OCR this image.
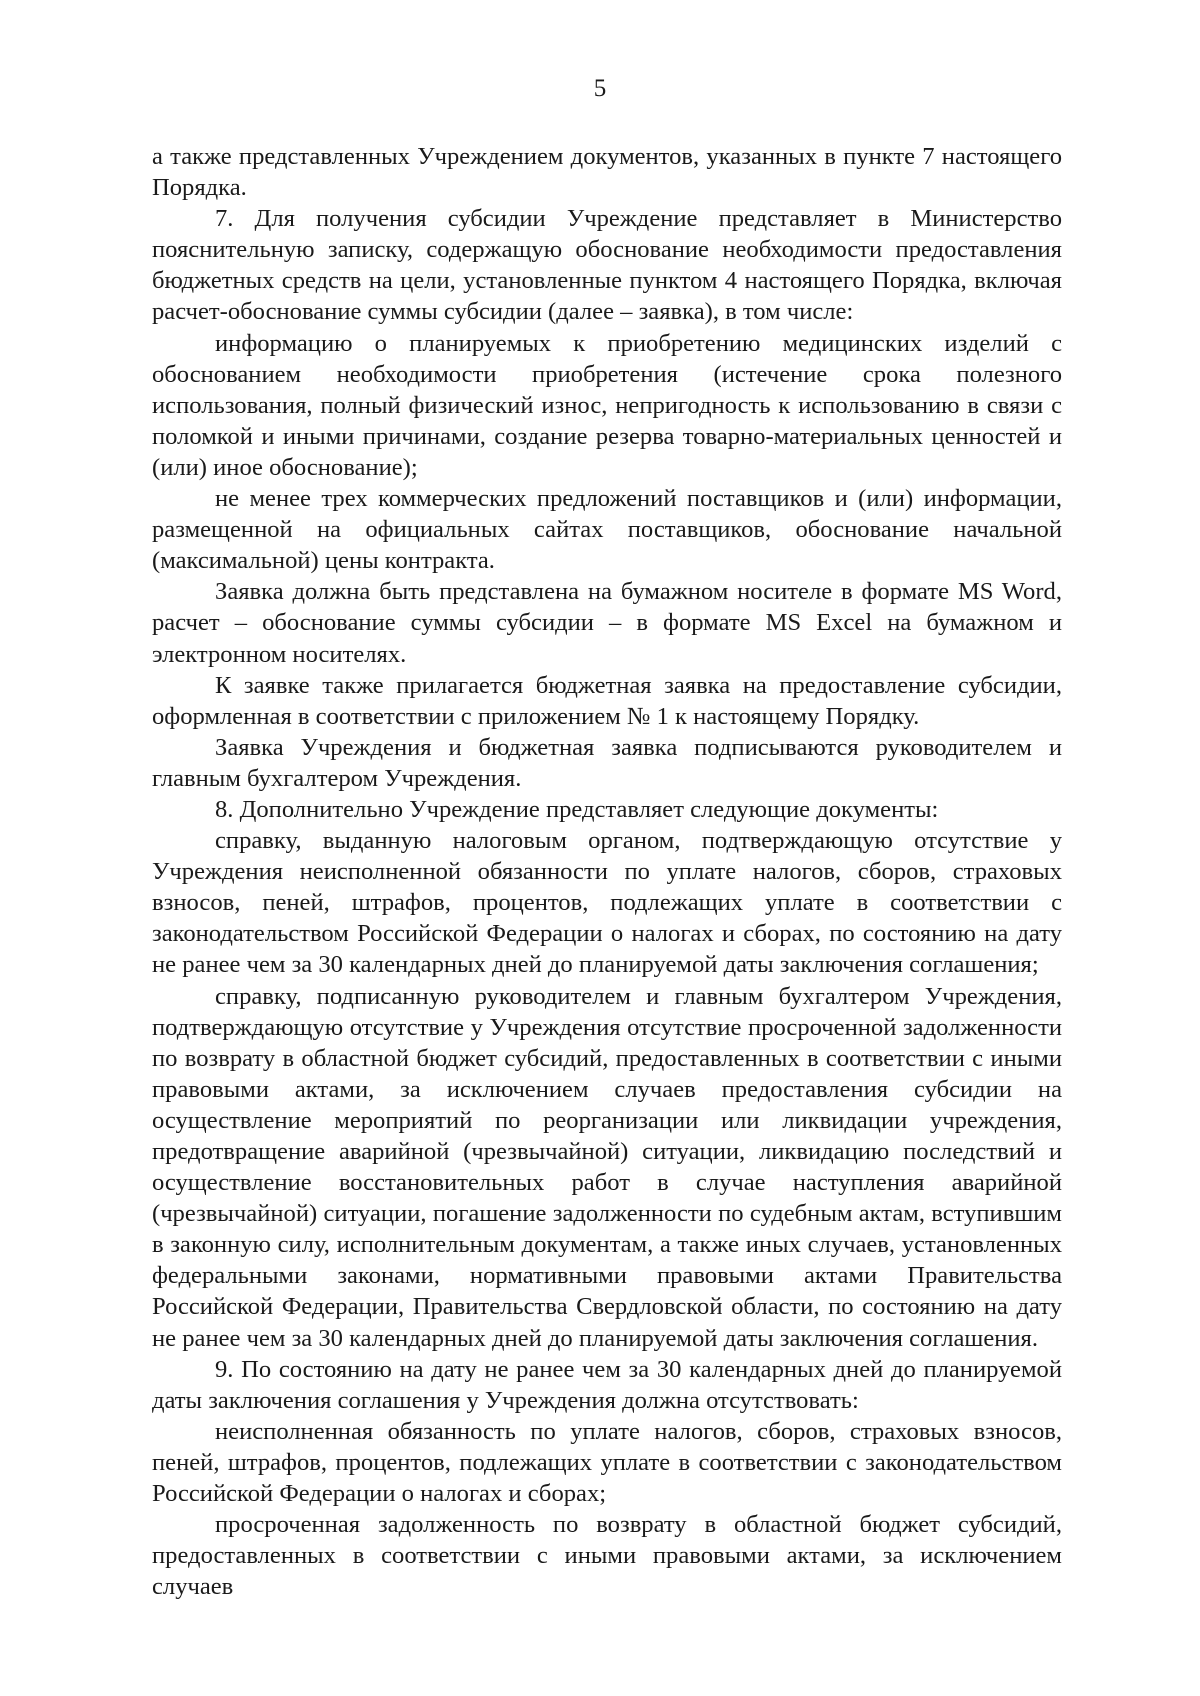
5

а также представленных Учреждением документов, указанных в пункте 7 настоящего Порядка.

7. Для получения субсидии Учреждение представляет в Министерство пояснительную записку, содержащую обоснование необходимости предоставления бюджетных средств на цели, установленные пунктом 4 настоящего Порядка, включая расчет-обоснование суммы субсидии (далее – заявка), в том числе:

информацию о планируемых к приобретению медицинских изделий с обоснованием необходимости приобретения (истечение срока полезного использования, полный физический износ, непригодность к использованию в связи с поломкой и иными причинами, создание резерва товарно-материальных ценностей и (или) иное обоснование);

не менее трех коммерческих предложений поставщиков и (или) информации, размещенной на официальных сайтах поставщиков, обоснование начальной (максимальной) цены контракта.

Заявка должна быть представлена на бумажном носителе в формате MS Word, расчет – обоснование суммы субсидии – в формате MS Excel на бумажном и электронном носителях.

К заявке также прилагается бюджетная заявка на предоставление субсидии, оформленная в соответствии с приложением № 1 к настоящему Порядку.

Заявка Учреждения и бюджетная заявка подписываются руководителем и главным бухгалтером Учреждения.

8. Дополнительно Учреждение представляет следующие документы:

справку, выданную налоговым органом, подтверждающую отсутствие у Учреждения неисполненной обязанности по уплате налогов, сборов, страховых взносов, пеней, штрафов, процентов, подлежащих уплате в соответствии с законодательством Российской Федерации о налогах и сборах, по состоянию на дату не ранее чем за 30 календарных дней до планируемой даты заключения соглашения;

справку, подписанную руководителем и главным бухгалтером Учреждения, подтверждающую отсутствие у Учреждения отсутствие просроченной задолженности по возврату в областной бюджет субсидий, предоставленных в соответствии с иными правовыми актами, за исключением случаев предоставления субсидии на осуществление мероприятий по реорганизации или ликвидации учреждения, предотвращение аварийной (чрезвычайной) ситуации, ликвидацию последствий и осуществление восстановительных работ в случае наступления аварийной (чрезвычайной) ситуации, погашение задолженности по судебным актам, вступившим в законную силу, исполнительным документам, а также иных случаев, установленных федеральными законами, нормативными правовыми актами Правительства Российской Федерации, Правительства Свердловской области, по состоянию на дату не ранее чем за 30 календарных дней до планируемой даты заключения соглашения.

9. По состоянию на дату не ранее чем за 30 календарных дней до планируемой даты заключения соглашения у Учреждения должна отсутствовать:

неисполненная обязанность по уплате налогов, сборов, страховых взносов, пеней, штрафов, процентов, подлежащих уплате в соответствии с законодательством Российской Федерации о налогах и сборах;

просроченная задолженность по возврату в областной бюджет субсидий, предоставленных в соответствии с иными правовыми актами, за исключением случаев
